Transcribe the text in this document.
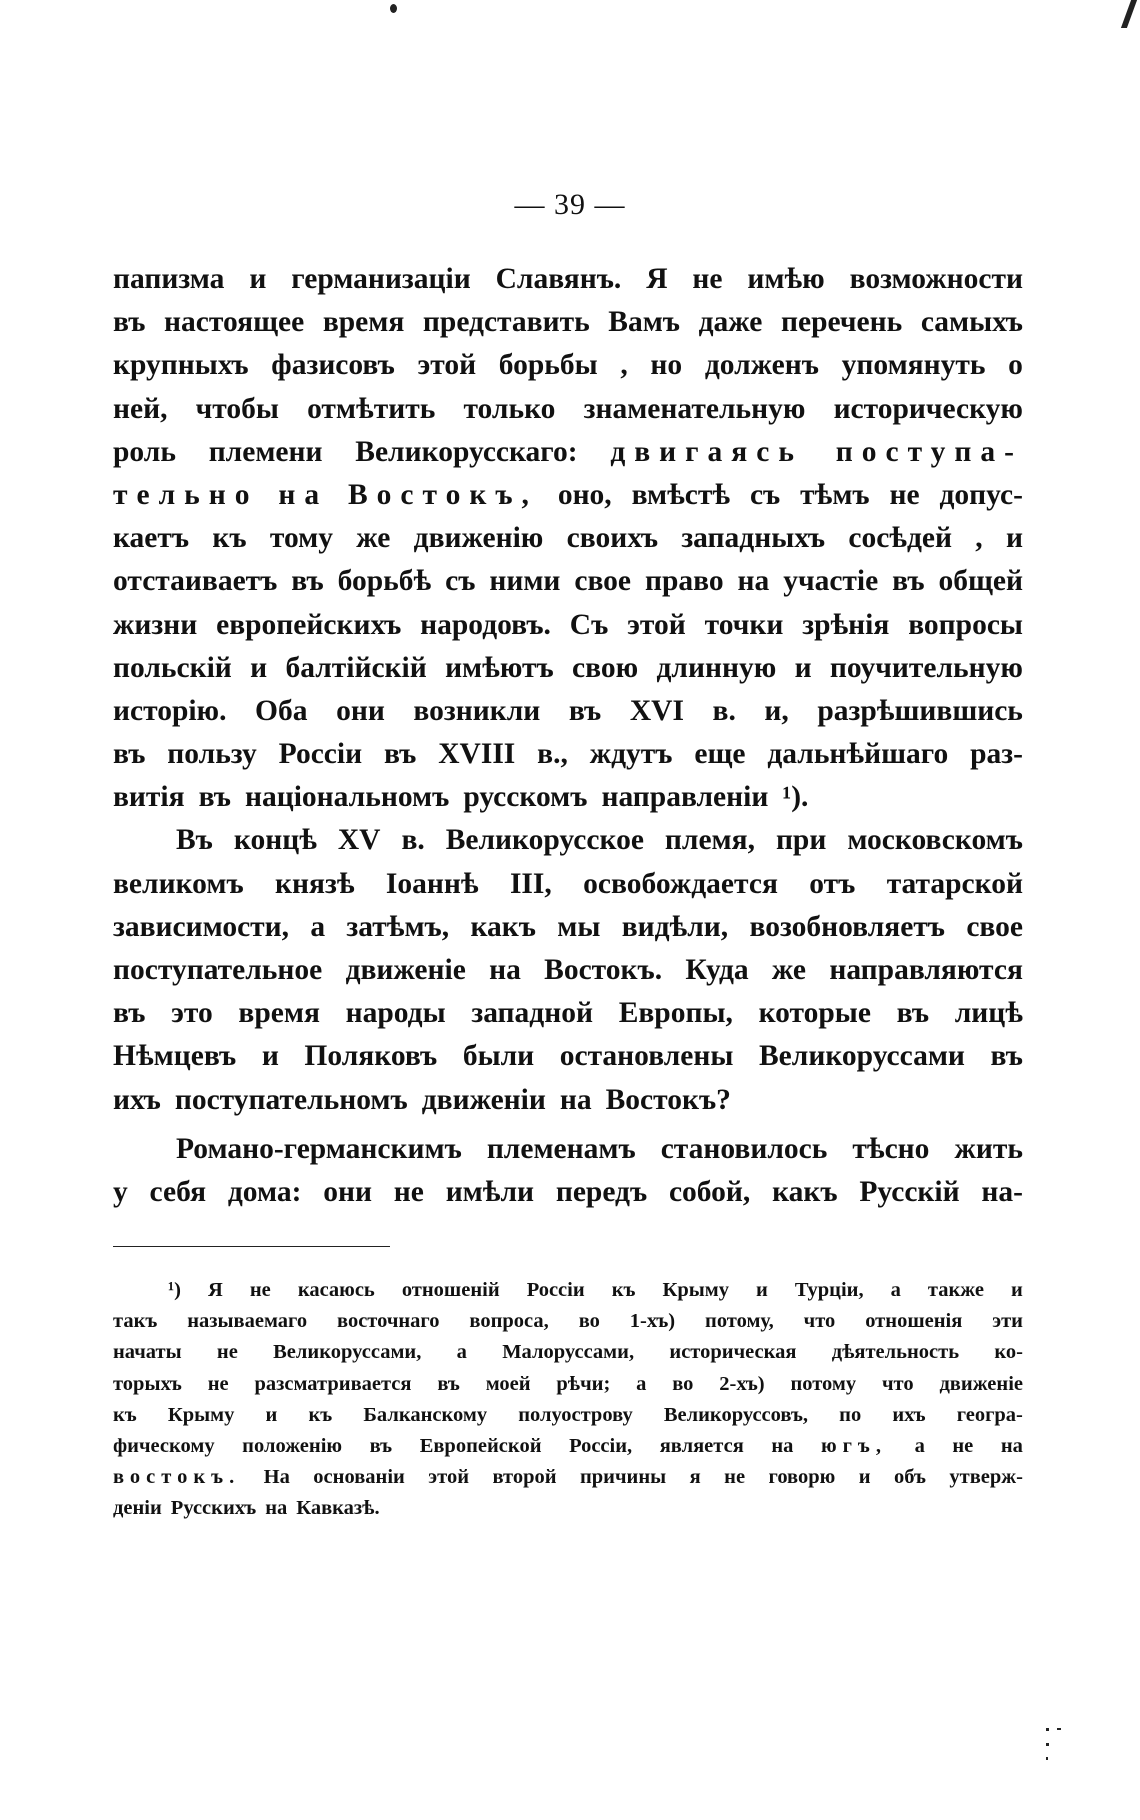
— 39 —
папизма и германизаціи Славянъ. Я не имѣю возможности
въ настоящее время представить Вамъ даже перечень самыхъ
крупныхъ фазисовъ этой борьбы , но долженъ упомянуть о
ней, чтобы отмѣтить только знаменательную историческую
роль племени Великорусскаго: двигаясь поступа-
тельно на Востокъ, оно, вмѣстѣ съ тѣмъ не допус-
каетъ къ тому же движенію своихъ западныхъ сосѣдей , и
отстаиваетъ въ борьбѣ съ ними свое право на участіе въ общей
жизни европейскихъ народовъ. Съ этой точки зрѣнія вопросы
польскій и балтійскій имѣютъ свою длинную и поучительную
исторію. Оба они возникли въ XVI в. и, разрѣшившись
въ пользу Россіи въ XVIII в., ждутъ еще дальнѣйшаго раз-
витія въ національномъ русскомъ направленіи ¹).
Въ концѣ XV в. Великорусское племя, при московскомъ
великомъ князѣ Іоаннѣ III, освобождается отъ татарской
зависимости, а затѣмъ, какъ мы видѣли, возобновляетъ свое
поступательное движеніе на Востокъ. Куда же направляются
въ это время народы западной Европы, которые въ лицѣ
Нѣмцевъ и Поляковъ были остановлены Великоруссами въ
ихъ поступательномъ движеніи на Востокъ?
Романо-германскимъ племенамъ становилось тѣсно жить
у себя дома: они не имѣли передъ собой, какъ Русскій на-
¹) Я не касаюсь отношеній Россіи къ Крыму и Турціи, а также и
такъ называемаго восточнаго вопроса, во 1-хъ) потому, что отношенія эти
начаты не Великоруссами, а Малоруссами, историческая дѣятельность ко-
торыхъ не разсматривается въ моей рѣчи; а во 2-хъ) потому что движеніе
къ Крыму и къ Балканскому полуострову Великоруссовъ, по ихъ геогра-
фическому положенію въ Европейской Россіи, является на югъ, а не на
востокъ. На основаніи этой второй причины я не говорю и объ утверж-
деніи Русскихъ на Кавказѣ.
